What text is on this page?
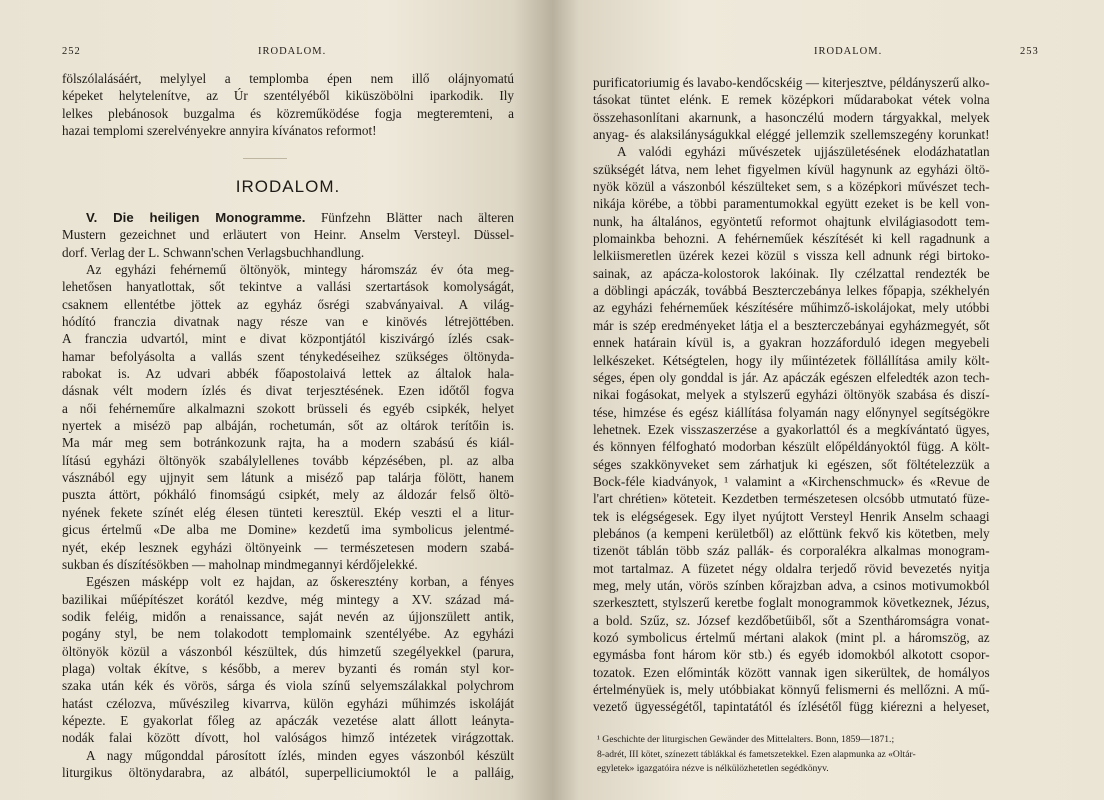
252	IRODALOM.
fölszólalásáért, melylyel a templomba épen nem illő olájnyomatú
képeket helytelenítve, az Úr szentélyéből kiküszöbölni iparkodik. Ily
lelkes plebánosok buzgalma és közreműködése fogja megteremteni, a
hazai templomi szerelvényekre annyira kívánatos reformot!
IRODALOM.
V. Die heiligen Monogramme. Fünfzehn Blätter nach älteren
Mustern gezeichnet und erläutert von Heinr. Anselm Versteyl. Düssel-
dorf. Verlag der L. Schwann'schen Verlagsbuchhandlung.
Az egyházi fehérnemű öltönyök, mintegy háromszáz év óta meg-
lehetősen hanyatlottak, sőt tekintve a vallási szertartások komolyságát,
csaknem ellentétbe jöttek az egyház ősrégi szabványaival. A világ-
hódító franczia divatnak nagy része van e kinövés létrejöttében.
A franczia udvartól, mint e divat központjától kiszivárgó ízlés csak-
hamar befolyásolta a vallás szent ténykedéseihez szükséges öltönyda-
rabokat is. Az udvari abbék főapostolaivá lettek az általok hala-
dásnak vélt modern ízlés és divat terjesztésének. Ezen időtől fogva
a női fehérneműre alkalmazni szokott brüsseli és egyéb csipkék, helyet
nyertek a misézö pap albáján, rochetumán, sőt az oltárok terítőin is.
Ma már meg sem botránkozunk rajta, ha a modern szabású és kiál-
lítású egyházi öltönyök szabálylellenes tovább képzésében, pl. az alba
vásznából egy ujjnyit sem látunk a miséző pap talárja fölött, hanem
puszta áttört, pókháló finomságú csipkét, mely az áldozár felső öltö-
nyének fekete színét elég élesen tünteti keresztül. Ekép veszti el a litur-
gicus értelmű «De alba me Domine» kezdetű ima symbolicus jelentmé-
nyét, ekép lesznek egyházi öltönyeink — természetesen modern szabá-
sukban és díszítésökben — maholnap mindmegannyi kérdőjelekké.
Egészen másképp volt ez hajdan, az őskeresztény korban, a fényes
bazilikai műépítészet korától kezdve, még mintegy a XV. század má-
sodik feléig, midőn a renaissance, saját nevén az újjonszülett antik,
pogány styl, be nem tolakodott templomaink szentélyébe. Az egyházi
öltönyök közül a vászonból készültek, dús himzetű szegélyekkel (parura,
plaga) voltak ékítve, s később, a merev byzanti és román styl kor-
szaka után kék és vörös, sárga és viola színű selyemszálakkal polychrom
hatást czélozva, művészileg kivarrva, külön egyházi műhimzés iskoláját
képezte. E gyakorlat főleg az apáczák vezetése alatt állott leányta-
nodák falai között dívott, hol valóságos himző intézetek virágzottak.
A nagy műgonddal párosított ízlés, minden egyes vászonból készült
liturgikus öltönydarabra, az albától, superpelliciumoktól le a palláig,
IRODALOM.	253
purificatoriumig és lavabo-kendőcskéig — kiterjesztve, példányszerű alko-
tásokat tüntet elénk. E remek középkori műdarabokat vétek volna
összehasonlítani akarnunk, a hasonczélú modern tárgyakkal, melyek
anyag- és alaksilányságukkal eléggé jellemzik szellemszegény korunkat!
A valódi egyházi művészetek ujjászületésének elodázhatatlan
szükségét látva, nem lehet figyelmen kívül hagynunk az egyházi öltö-
nyök közül a vászonból készülteket sem, s a középkori művészet tech-
nikája körébe, a többi paramentumokkal együtt ezeket is be kell von-
nunk, ha általános, egyöntetű reformot ohajtunk elvilágiasodott tem-
plomainkba behozni. A fehérneműek készítését ki kell ragadnunk a
lelkiismeretlen üzérek kezei közül s vissza kell adnunk régi birtoko-
sainak, az apácza-kolostorok lakóinak. Ily czélzattal rendezték be
a döblingi apáczák, továbbá Beszterczebánya lelkes főpapja, székhelyén
az egyházi fehérneműek készítésére műhimző-iskolájokat, mely utóbbi
már is szép eredményeket látja el a beszterczebányai egyházmegyét, sőt
ennek határain kívül is, a gyakran hozzáforduló idegen megyebeli
lelkészeket. Kétségtelen, hogy ily műintézetek föllállítása amily költ-
séges, épen oly gonddal is jár. Az apáczák egészen elfeledték azon tech-
nikai fogásokat, melyek a stylszerű egyházi öltönyök szabása és diszí-
tése, himzése és egész kiállítása folyamán nagy előnynyel segítségökre
lehetnek. Ezek visszaszerzése a gyakorlattól és a megkívántató ügyes,
és könnyen félfogható modorban készült előpéldányoktól függ. A költ-
séges szakkönyveket sem zárhatjuk ki egészen, sőt föltételezzük a
Bock-féle kiadványok, ¹ valamint a «Kirchenschmuck» és «Revue de
l'art chrétien» köteteit. Kezdetben természetesen olcsóbb utmutató füze-
tek is elégségesek. Egy ilyet nyújtott Versteyl Henrik Anselm schaagi
plebános (a kempeni kerületből) az előttünk fekvő kis kötetben, mely
tizenöt táblán több száz pallák- és corporalékra alkalmas monogram-
mot tartalmaz. A füzetet négy oldalra terjedő rövid bevezetés nyitja
meg, mely után, vörös színben kőrajzban adva, a csinos motivumokból
szerkesztett, stylszerű keretbe foglalt monogrammok következnek, Jézus,
a bold. Szűz, sz. József kezdőbetűiből, sőt a Szentháromságra vonat-
kozó symbolicus értelmű mértani alakok (mint pl. a háromszög, az
egymásba font három kör stb.) és egyéb idomokból alkotott csopor-
tozatok. Ezen előminták között vannak igen sikerültek, de homályos
értelményüek is, mely utóbbiakat könnyű felismerni és mellőzni. A mű-
vezető ügyességétől, tapintatától és ízlésétől függ kiérezni a helyeset,
¹ Geschichte der liturgischen Gewänder des Mittelalters. Bonn, 1859—1871.;
8-adrét, III kötet, színezett táblákkal és fametszetekkel. Ezen alapmunka az «Oltár-
egyletek» igazgatóira nézve is nélkülözhetetlen segédkönyv.
